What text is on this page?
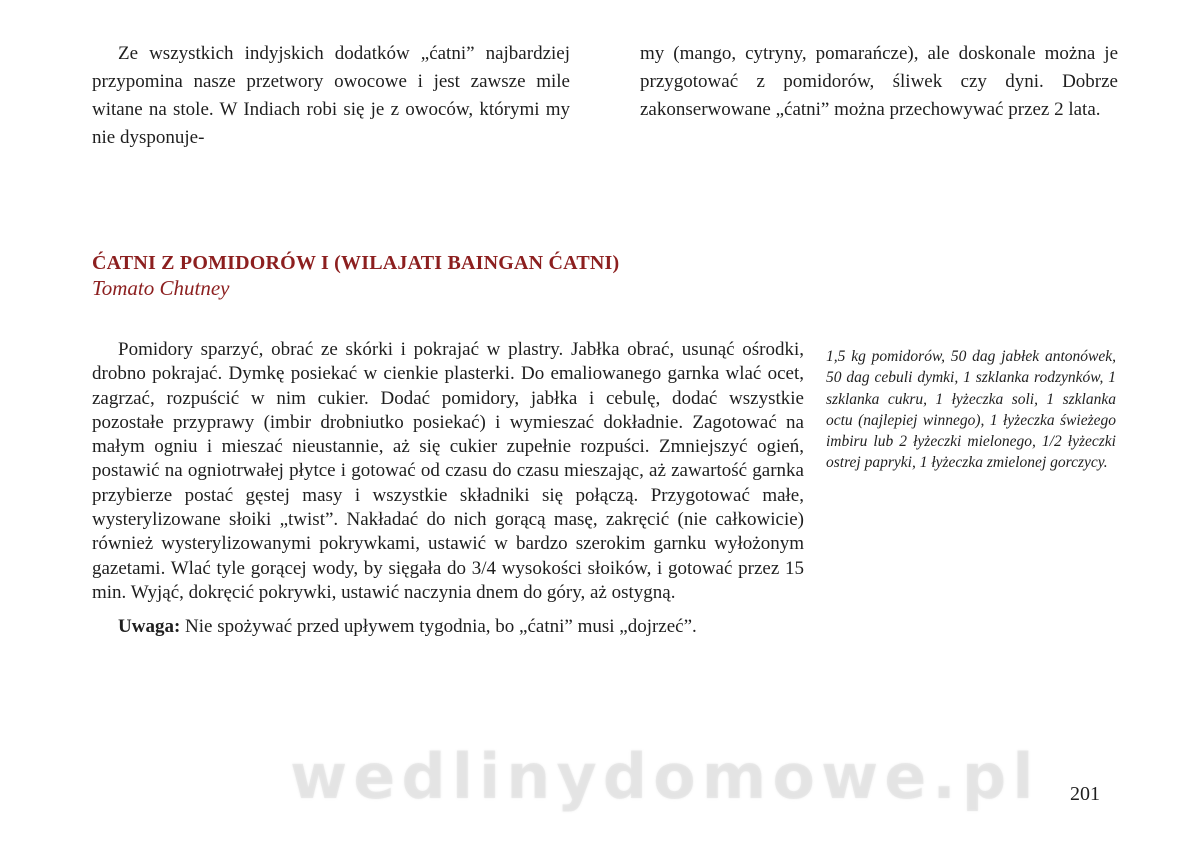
Ze wszystkich indyjskich dodatków „ćatni” najbardziej przypomina nasze przetwory owocowe i jest zawsze mile witane na stole. W Indiach robi się je z owoców, którymi my nie dysponuje-

my (mango, cytryny, pomarańcze), ale doskonale można je przygotować z pomidorów, śliwek czy dyni. Dobrze zakonserwowane „ćatni” można przechowywać przez 2 lata.

ĆATNI Z POMIDORÓW I (WILAJATI BAINGAN ĆATNI)
Tomato Chutney

Pomidory sparzyć, obrać ze skórki i pokrajać w plastry. Jabłka obrać, usunąć ośrodki, drobno pokrajać. Dymkę posiekać w cienkie plasterki. Do emaliowanego garnka wlać ocet, zagrzać, rozpuścić w nim cukier. Dodać pomidory, jabłka i cebulę, dodać wszystkie pozostałe przyprawy (imbir drobniutko posiekać) i wymieszać dokładnie. Zagotować na małym ogniu i mieszać nieustannie, aż się cukier zupełnie rozpuści. Zmniejszyć ogień, postawić na ogniotrwałej płytce i gotować od czasu do czasu mieszając, aż zawartość garnka przybierze postać gęstej masy i wszystkie składniki się połączą. Przygotować małe, wysterylizowane słoiki „twist”. Nakładać do nich gorącą masę, zakręcić (nie całkowicie) również wysterylizowanymi pokrywkami, ustawić w bardzo szerokim garnku wyłożonym gazetami. Wlać tyle gorącej wody, by sięgała do 3/4 wysokości słoików, i gotować przez 15 min. Wyjąć, dokręcić pokrywki, ustawić naczynia dnem do góry, aż ostygną.

Uwaga: Nie spożywać przed upływem tygodnia, bo „ćatni” musi „dojrzeć”.

1,5 kg pomidorów, 50 dag jabłek antonówek, 50 dag cebuli dymki, 1 szklanka rodzynków, 1 szklanka cukru, 1 łyżeczka soli, 1 szklanka octu (najlepiej winnego), 1 łyżeczka świeżego imbiru lub 2 łyżeczki mielonego, 1/2 łyżeczki ostrej papryki, 1 łyżeczka zmielonej gorczycy.
wedlinydomowe.pl 201
